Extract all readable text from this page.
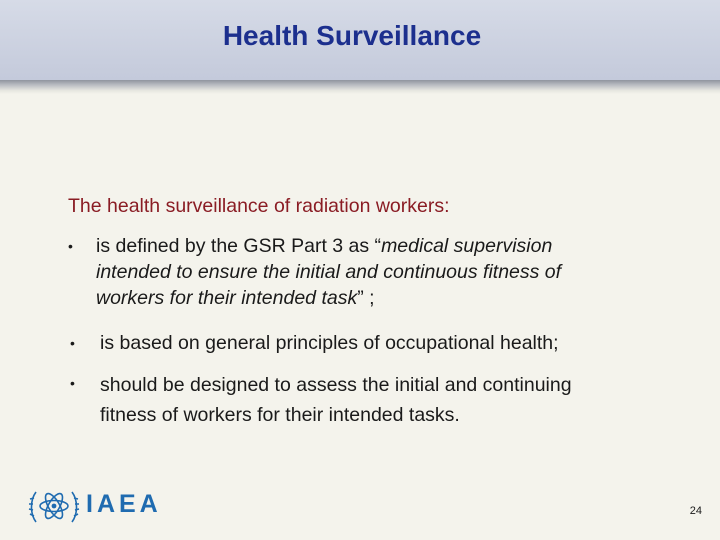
Health Surveillance
The health surveillance of radiation workers:
• is defined by the GSR Part 3 as “medical supervision
intended to ensure the initial and continuous fitness of
workers for their intended task” ;
• is based on general principles of occupational health;
• should be designed to assess the initial and continuing
fitness of workers for their intended tasks.
IAEA	24
